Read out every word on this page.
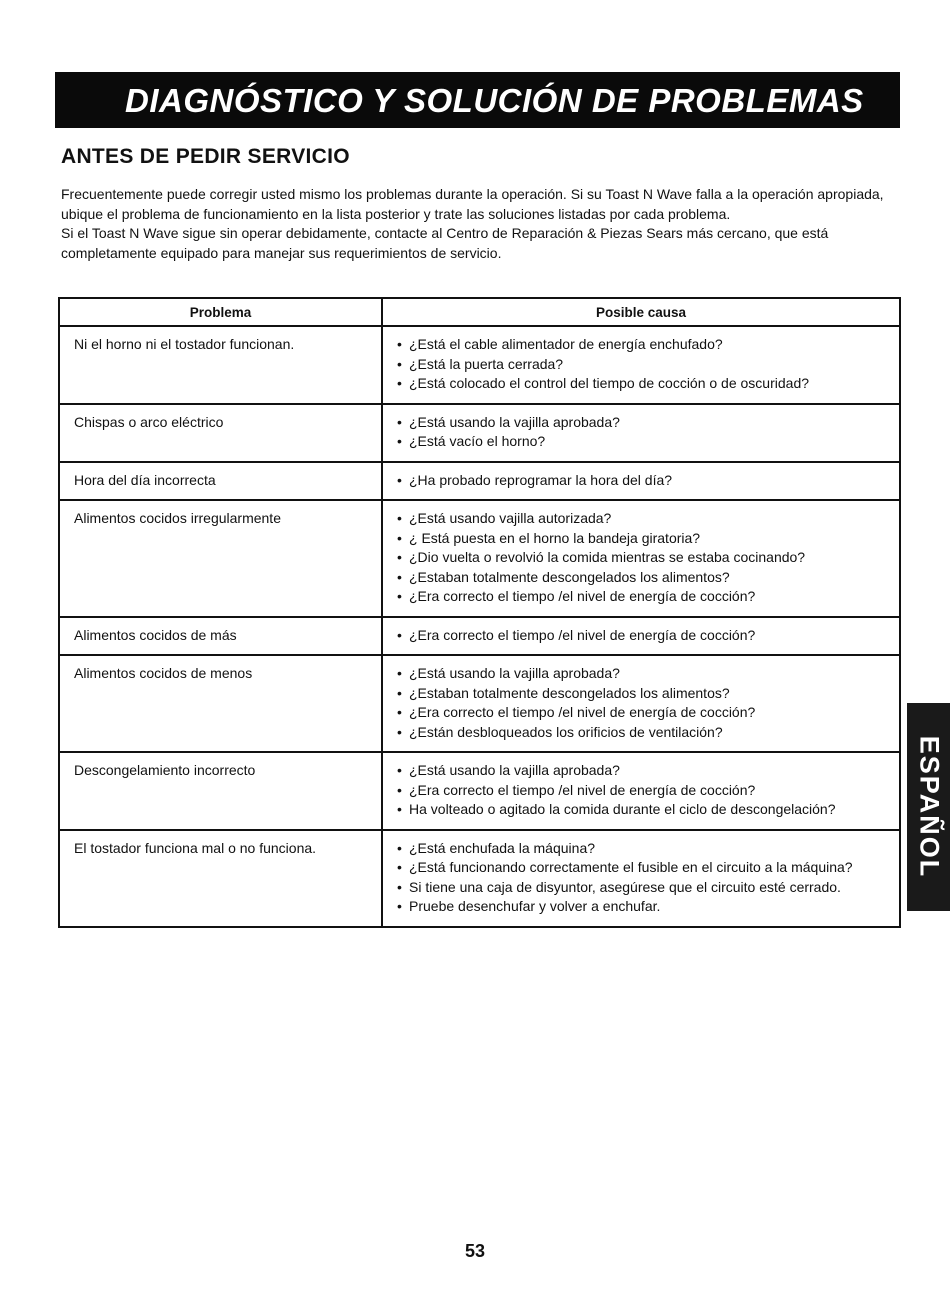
DIAGNÓSTICO Y SOLUCIÓN DE PROBLEMAS
ANTES DE PEDIR SERVICIO

Frecuentemente puede corregir usted mismo los problemas durante la operación. Si su Toast N Wave falla a la operación apropiada, ubique el problema de funcionamiento en la lista posterior y trate las soluciones listadas por cada problema.

Si el Toast N Wave sigue sin operar debidamente, contacte al Centro de Reparación & Piezas Sears más cercano, que está completamente equipado para manejar sus requerimientos de servicio.

Problema	Posible causa
Ni el horno ni el tostador funcionan.	• ¿Está el cable alimentador de energía enchufado?
• ¿Está la puerta cerrada?
• ¿Está colocado el control del tiempo de cocción o de oscuridad?

Chispas o arco eléctrico	• ¿Está usando la vajilla aprobada?
• ¿Está vacío el horno?

Hora del día incorrecta	• ¿Ha probado reprogramar la hora del día?

Alimentos cocidos irregularmente	• ¿Está usando vajilla autorizada?
• ¿ Está puesta en el horno la bandeja giratoria?
• ¿Dio vuelta o revolvió la comida mientras se estaba cocinando?
• ¿Estaban totalmente descongelados los alimentos?
• ¿Era correcto el tiempo /el nivel de energía de cocción?

Alimentos cocidos de más	• ¿Era correcto el tiempo /el nivel de energía de cocción?

Alimentos cocidos de menos	• ¿Está usando la vajilla aprobada?
• ¿Estaban totalmente descongelados los alimentos?
• ¿Era correcto el tiempo /el nivel de energía de cocción?
• ¿Están desbloqueados los orificios de ventilación?

Descongelamiento incorrecto	• ¿Está usando la vajilla aprobada?
• ¿Era correcto el tiempo /el nivel de energía de cocción?
• Ha volteado o agitado la comida durante el ciclo de descongelación?

El tostador funciona mal o no funciona.	• ¿Está enchufada la máquina?
• ¿Está funcionando correctamente el fusible en el circuito a la máquina?
• Si tiene una caja de disyuntor, asegúrese que el circuito esté cerrado.
• Pruebe desenchufar y volver a enchufar.
ESPAÑOL
53
